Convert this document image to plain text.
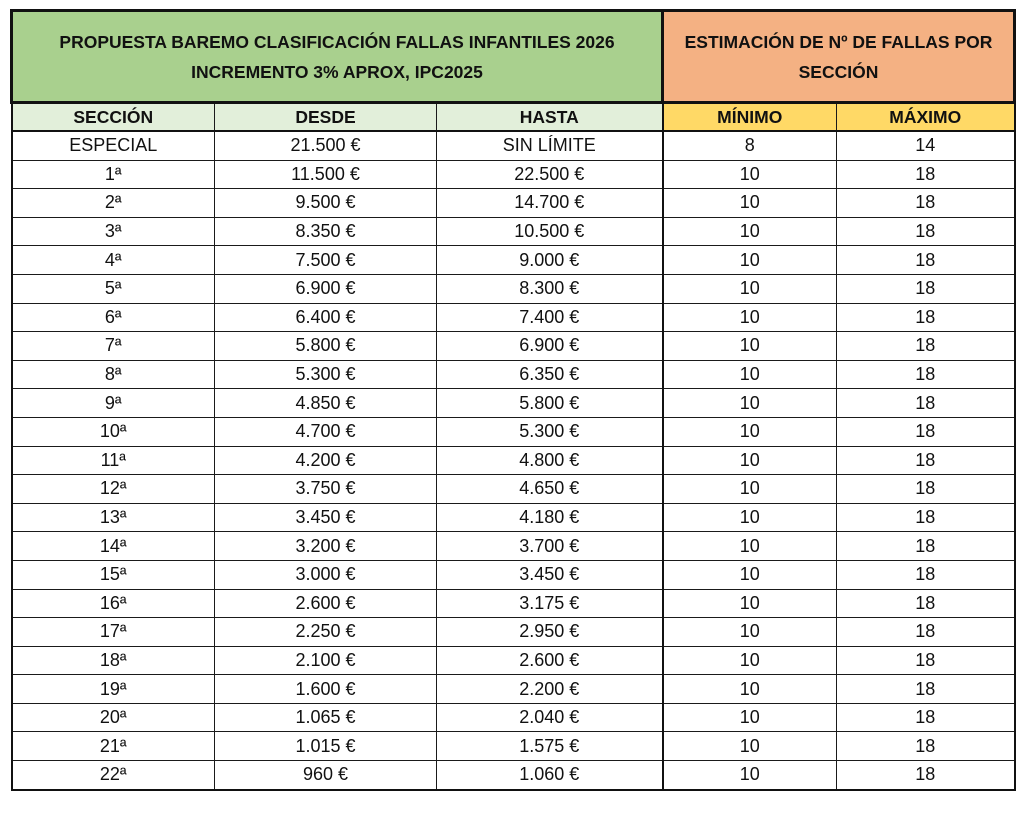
PROPUESTA BAREMO CLASIFICACIÓN FALLAS INFANTILES 2026 INCREMENTO 3% APROX, IPC2025			ESTIMACIÓN DE Nº DE FALLAS POR SECCIÓN	
SECCIÓN	DESDE	HASTA	MÍNIMO	MÁXIMO
ESPECIAL	21.500 €	SIN LÍMITE	8	14
1ª	11.500 €	22.500 €	10	18
2ª	9.500 €	14.700 €	10	18
3ª	8.350 €	10.500 €	10	18
4ª	7.500 €	9.000 €	10	18
5ª	6.900 €	8.300 €	10	18
6ª	6.400 €	7.400 €	10	18
7ª	5.800 €	6.900 €	10	18
8ª	5.300 €	6.350 €	10	18
9ª	4.850 €	5.800 €	10	18
10ª	4.700 €	5.300 €	10	18
11ª	4.200 €	4.800 €	10	18
12ª	3.750 €	4.650 €	10	18
13ª	3.450 €	4.180 €	10	18
14ª	3.200 €	3.700 €	10	18
15ª	3.000 €	3.450 €	10	18
16ª	2.600 €	3.175 €	10	18
17ª	2.250 €	2.950 €	10	18
18ª	2.100 €	2.600 €	10	18
19ª	1.600 €	2.200 €	10	18
20ª	1.065 €	2.040 €	10	18
21ª	1.015 €	1.575 €	10	18
22ª	960 €	1.060 €	10	18
